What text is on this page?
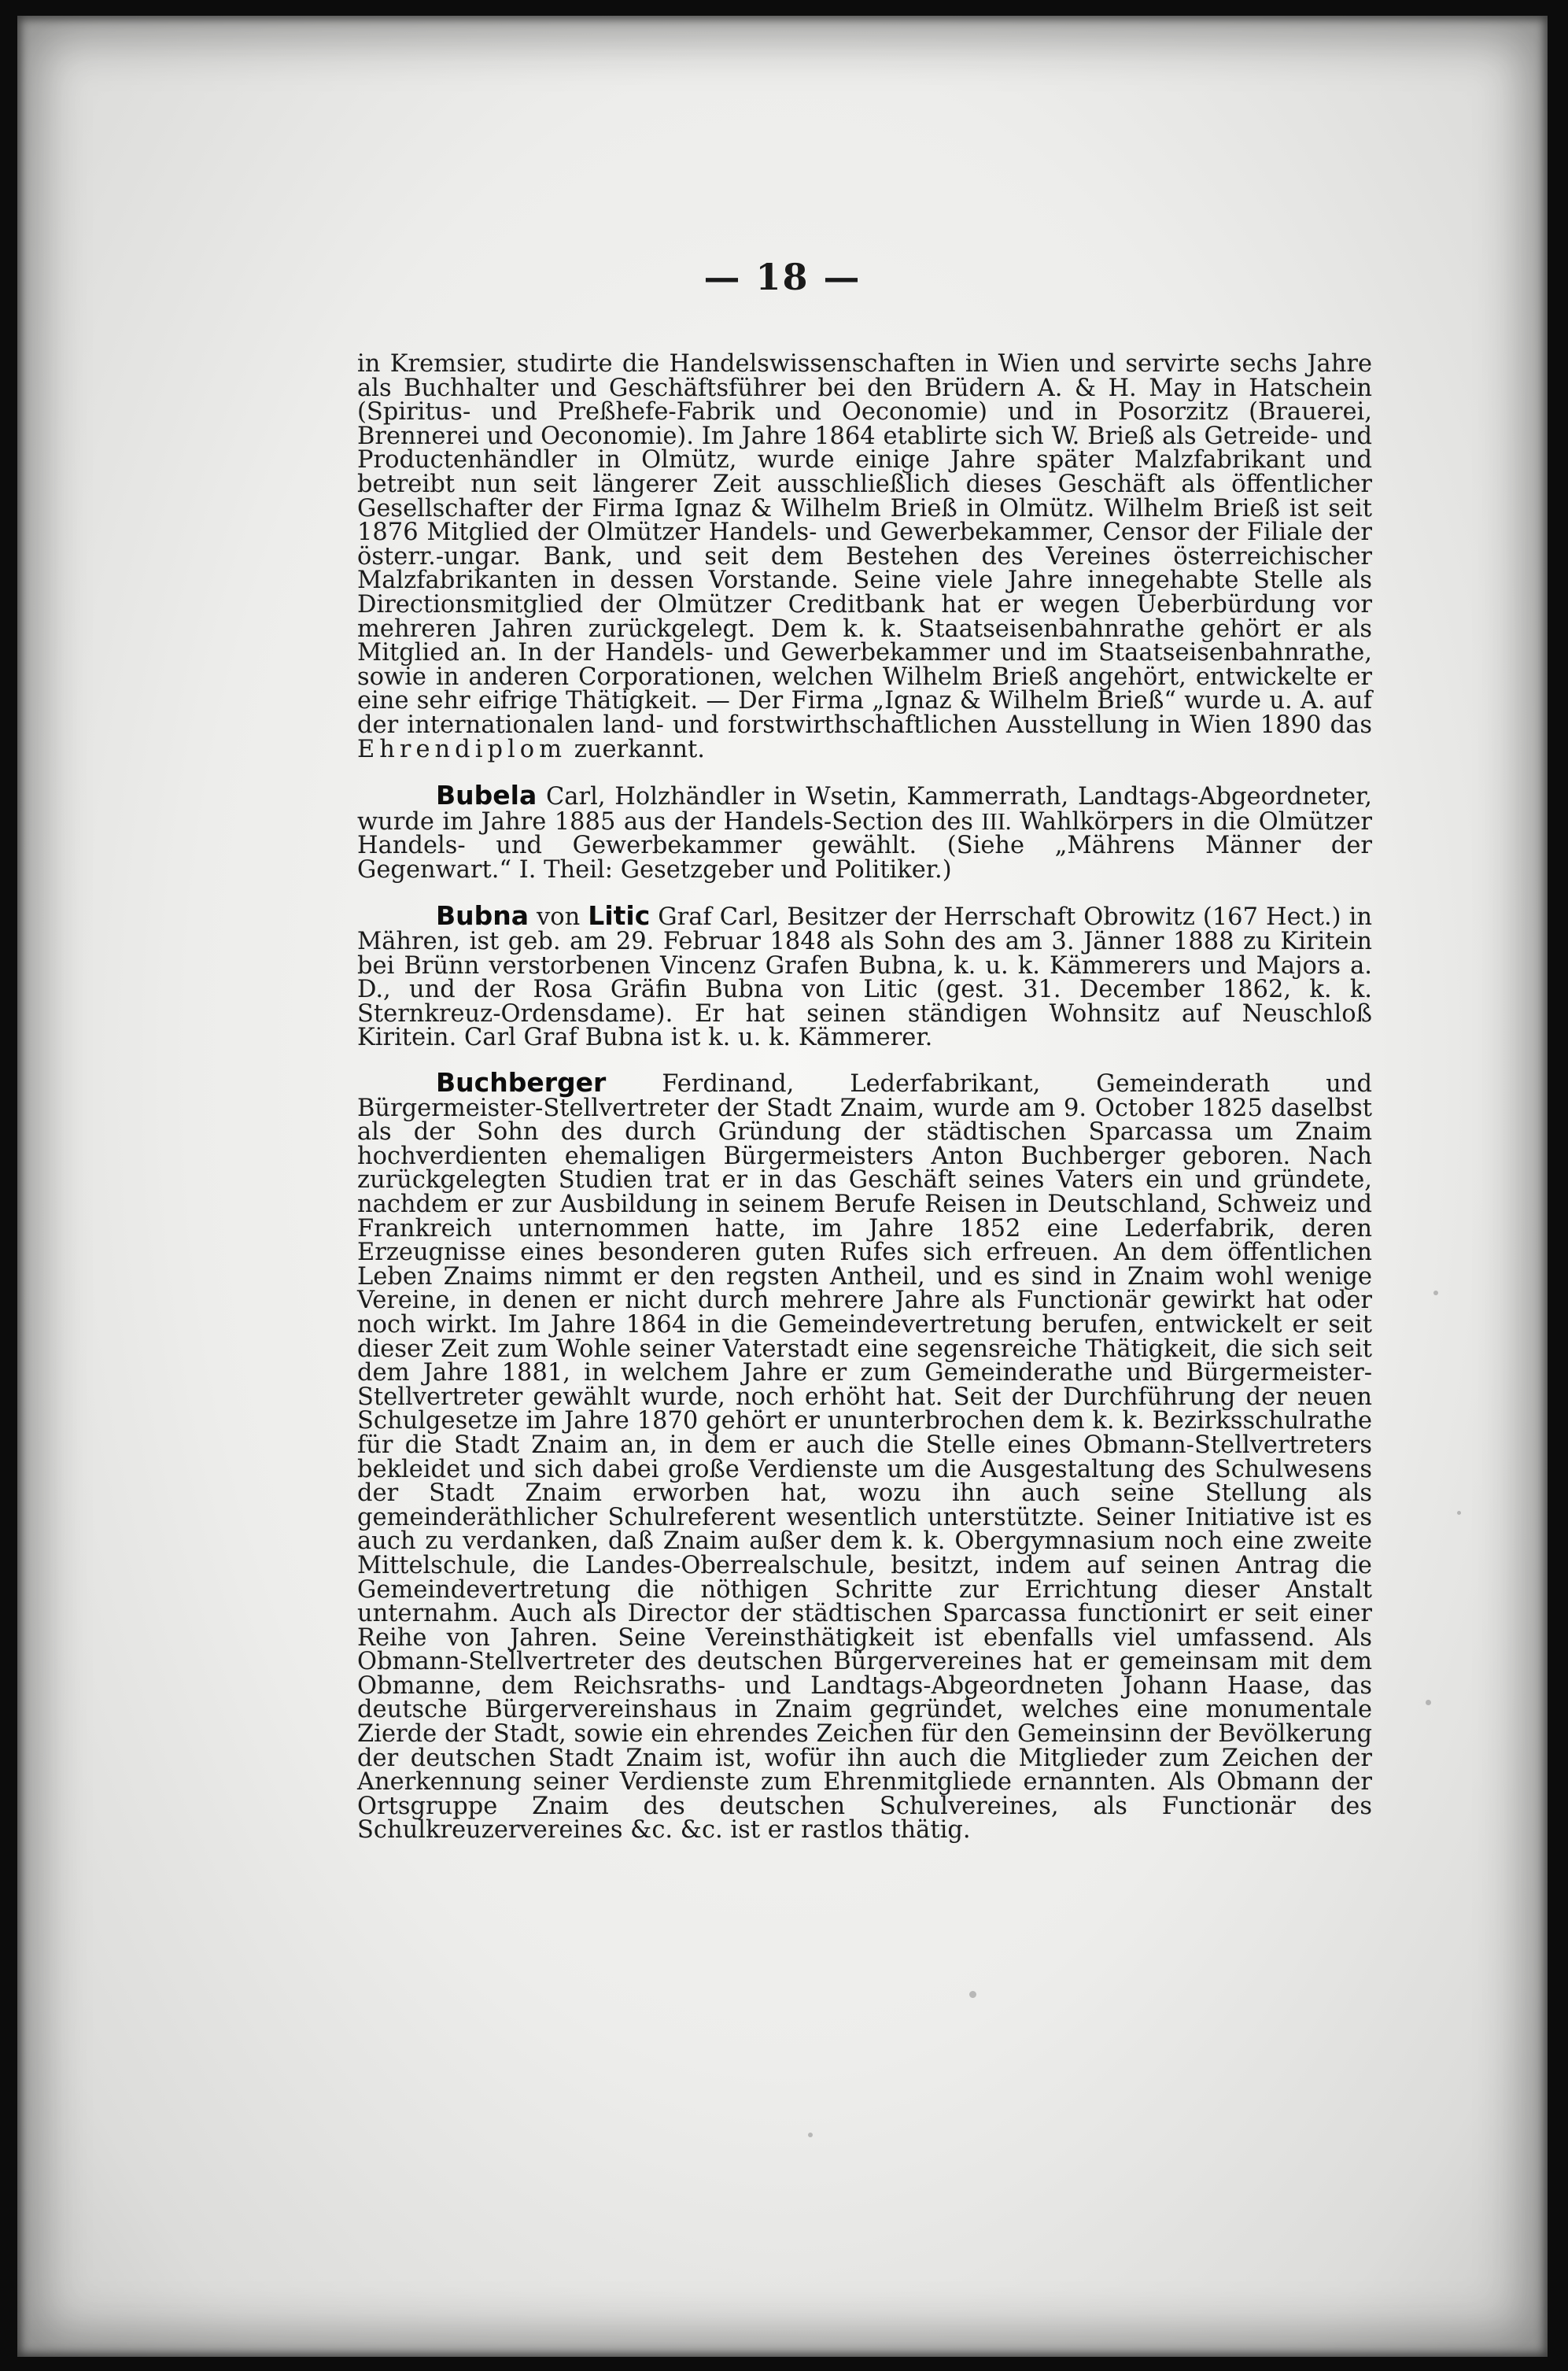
— 18 —

in Kremsier, studirte die Handelswissenschaften in Wien und servirte sechs Jahre als Buchhalter und Geschäftsführer bei den Brüdern A. & H. May in Hatschein (Spiritus- und Preßhefe-Fabrik und Oeconomie) und in Posorzitz (Brauerei, Brennerei und Oeconomie). Im Jahre 1864 etablirte sich W. Brieß als Getreide- und Productenhändler in Olmütz, wurde einige Jahre später Malzfabrikant und betreibt nun seit längerer Zeit ausschließlich dieses Geschäft als öffentlicher Gesellschafter der Firma Ignaz & Wilhelm Brieß in Olmütz. Wilhelm Brieß ist seit 1876 Mitglied der Olmützer Handels- und Gewerbekammer, Censor der Filiale der österr.-ungar. Bank, und seit dem Bestehen des Vereines österreichischer Malzfabrikanten in dessen Vorstande. Seine viele Jahre innegehabte Stelle als Directionsmitglied der Olmützer Creditbank hat er wegen Ueberbürdung vor mehreren Jahren zurückgelegt. Dem k. k. Staatseisenbahnrathe gehört er als Mitglied an. In der Handels- und Gewerbekammer und im Staatseisenbahnrathe, sowie in anderen Corporationen, welchen Wilhelm Brieß angehört, entwickelte er eine sehr eifrige Thätigkeit. — Der Firma „Ignaz & Wilhelm Brieß“ wurde u. A. auf der internationalen land- und forstwirthschaftlichen Ausstellung in Wien 1890 das Ehrendiplom zuerkannt.

Bubela Carl, Holzhändler in Wsetin, Kammerrath, Landtags-Abgeordneter, wurde im Jahre 1885 aus der Handels-Section des III. Wahlkörpers in die Olmützer Handels- und Gewerbekammer gewählt. (Siehe „Mährens Männer der Gegenwart.“ I. Theil: Gesetzgeber und Politiker.)

Bubna von Litic Graf Carl, Besitzer der Herrschaft Obrowitz (167 Hect.) in Mähren, ist geb. am 29. Februar 1848 als Sohn des am 3. Jänner 1888 zu Kiritein bei Brünn verstorbenen Vincenz Grafen Bubna, k. u. k. Kämmerers und Majors a. D., und der Rosa Gräfin Bubna von Litic (gest. 31. December 1862, k. k. Sternkreuz-Ordensdame). Er hat seinen ständigen Wohnsitz auf Neuschloß Kiritein. Carl Graf Bubna ist k. u. k. Kämmerer.

Buchberger Ferdinand, Lederfabrikant, Gemeinderath und Bürgermeister-Stellvertreter der Stadt Znaim, wurde am 9. October 1825 daselbst als der Sohn des durch Gründung der städtischen Sparcassa um Znaim hochverdienten ehemaligen Bürgermeisters Anton Buchberger geboren. Nach zurückgelegten Studien trat er in das Geschäft seines Vaters ein und gründete, nachdem er zur Ausbildung in seinem Berufe Reisen in Deutschland, Schweiz und Frankreich unternommen hatte, im Jahre 1852 eine Lederfabrik, deren Erzeugnisse eines besonderen guten Rufes sich erfreuen. An dem öffentlichen Leben Znaims nimmt er den regsten Antheil, und es sind in Znaim wohl wenige Vereine, in denen er nicht durch mehrere Jahre als Functionär gewirkt hat oder noch wirkt. Im Jahre 1864 in die Gemeindevertretung berufen, entwickelt er seit dieser Zeit zum Wohle seiner Vaterstadt eine segensreiche Thätigkeit, die sich seit dem Jahre 1881, in welchem Jahre er zum Gemeinderathe und Bürgermeister-Stellvertreter gewählt wurde, noch erhöht hat. Seit der Durchführung der neuen Schulgesetze im Jahre 1870 gehört er ununterbrochen dem k. k. Bezirksschulrathe für die Stadt Znaim an, in dem er auch die Stelle eines Obmann-Stellvertreters bekleidet und sich dabei große Verdienste um die Ausgestaltung des Schulwesens der Stadt Znaim erworben hat, wozu ihn auch seine Stellung als gemeinderäthlicher Schulreferent wesentlich unterstützte. Seiner Initiative ist es auch zu verdanken, daß Znaim außer dem k. k. Obergymnasium noch eine zweite Mittelschule, die Landes-Oberrealschule, besitzt, indem auf seinen Antrag die Gemeindevertretung die nöthigen Schritte zur Errichtung dieser Anstalt unternahm. Auch als Director der städtischen Sparcassa functionirt er seit einer Reihe von Jahren. Seine Vereinsthätigkeit ist ebenfalls viel umfassend. Als Obmann-Stellvertreter des deutschen Bürgervereines hat er gemeinsam mit dem Obmanne, dem Reichsraths- und Landtags-Abgeordneten Johann Haase, das deutsche Bürgervereinshaus in Znaim gegründet, welches eine monumentale Zierde der Stadt, sowie ein ehrendes Zeichen für den Gemeinsinn der Bevölkerung der deutschen Stadt Znaim ist, wofür ihn auch die Mitglieder zum Zeichen der Anerkennung seiner Verdienste zum Ehrenmitgliede ernannten. Als Obmann der Ortsgruppe Znaim des deutschen Schulvereines, als Functionär des Schulkreuzervereines &c. &c. ist er rastlos thätig.
